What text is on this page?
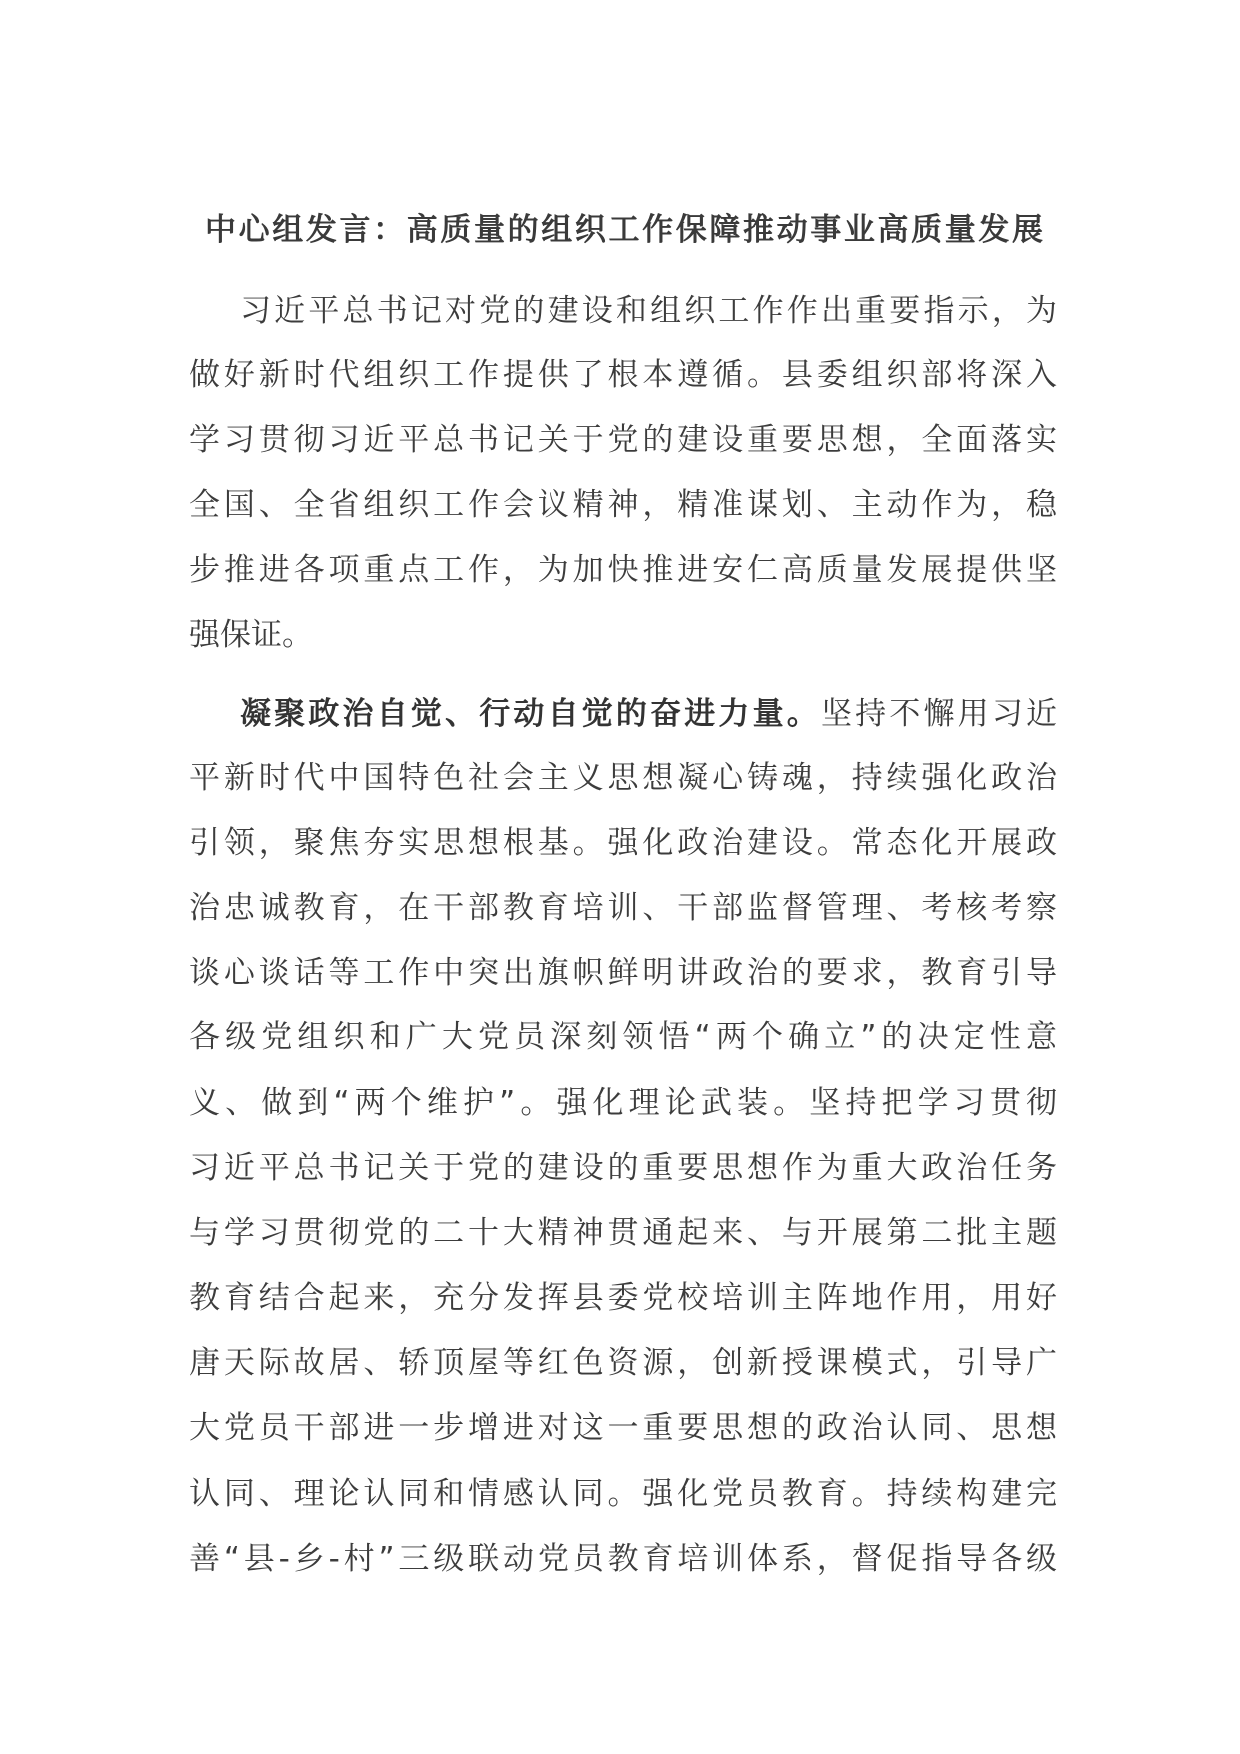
中心组发言：高质量的组织工作保障推动事业高质量发展
习近平总书记对党的建设和组织工作作出重要指示，为
做好新时代组织工作提供了根本遵循。县委组织部将深入
学习贯彻习近平总书记关于党的建设重要思想，全面落实
全国、全省组织工作会议精神，精准谋划、主动作为，稳
步推进各项重点工作，为加快推进安仁高质量发展提供坚
强保证。
凝聚政治自觉、行动自觉的奋进力量。坚持不懈用习近
平新时代中国特色社会主义思想凝心铸魂，持续强化政治
引领，聚焦夯实思想根基。强化政治建设。常态化开展政
治忠诚教育，在干部教育培训、干部监督管理、考核考察
谈心谈话等工作中突出旗帜鲜明讲政治的要求，教育引导
各级党组织和广大党员深刻领悟“两个确立”的决定性意
义、做到“两个维护”。强化理论武装。坚持把学习贯彻
习近平总书记关于党的建设的重要思想作为重大政治任务
与学习贯彻党的二十大精神贯通起来、与开展第二批主题
教育结合起来，充分发挥县委党校培训主阵地作用，用好
唐天际故居、轿顶屋等红色资源，创新授课模式，引导广
大党员干部进一步增进对这一重要思想的政治认同、思想
认同、理论认同和情感认同。强化党员教育。持续构建完
善“县-乡-村”三级联动党员教育培训体系，督促指导各级
